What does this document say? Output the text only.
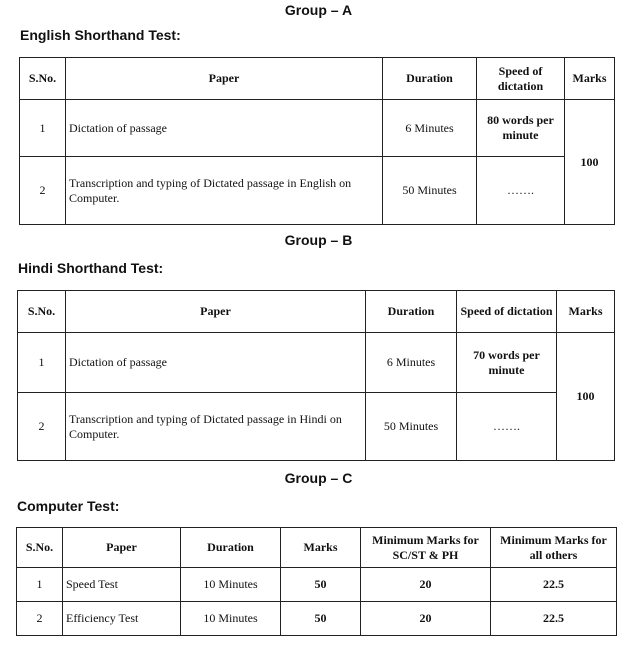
Group – A
English Shorthand Test:
S.No.	Paper	Duration	Speed of dictation	Marks
1	Dictation of passage	6 Minutes	80 words per minute	100
2	Transcription and typing of Dictated passage in English on Computer.	50 Minutes	…….	
Group – B
Hindi Shorthand Test:
S.No.	Paper	Duration	Speed of dictation	Marks
1	Dictation of passage	6 Minutes	70 words per minute	100
2	Transcription and typing of Dictated passage in Hindi on Computer.	50 Minutes	…….	
Group – C
Computer Test:
S.No.	Paper	Duration	Marks	Minimum Marks for SC/ST & PH	Minimum Marks for all others
1	Speed Test	10 Minutes	50	20	22.5
2	Efficiency Test	10 Minutes	50	20	22.5
